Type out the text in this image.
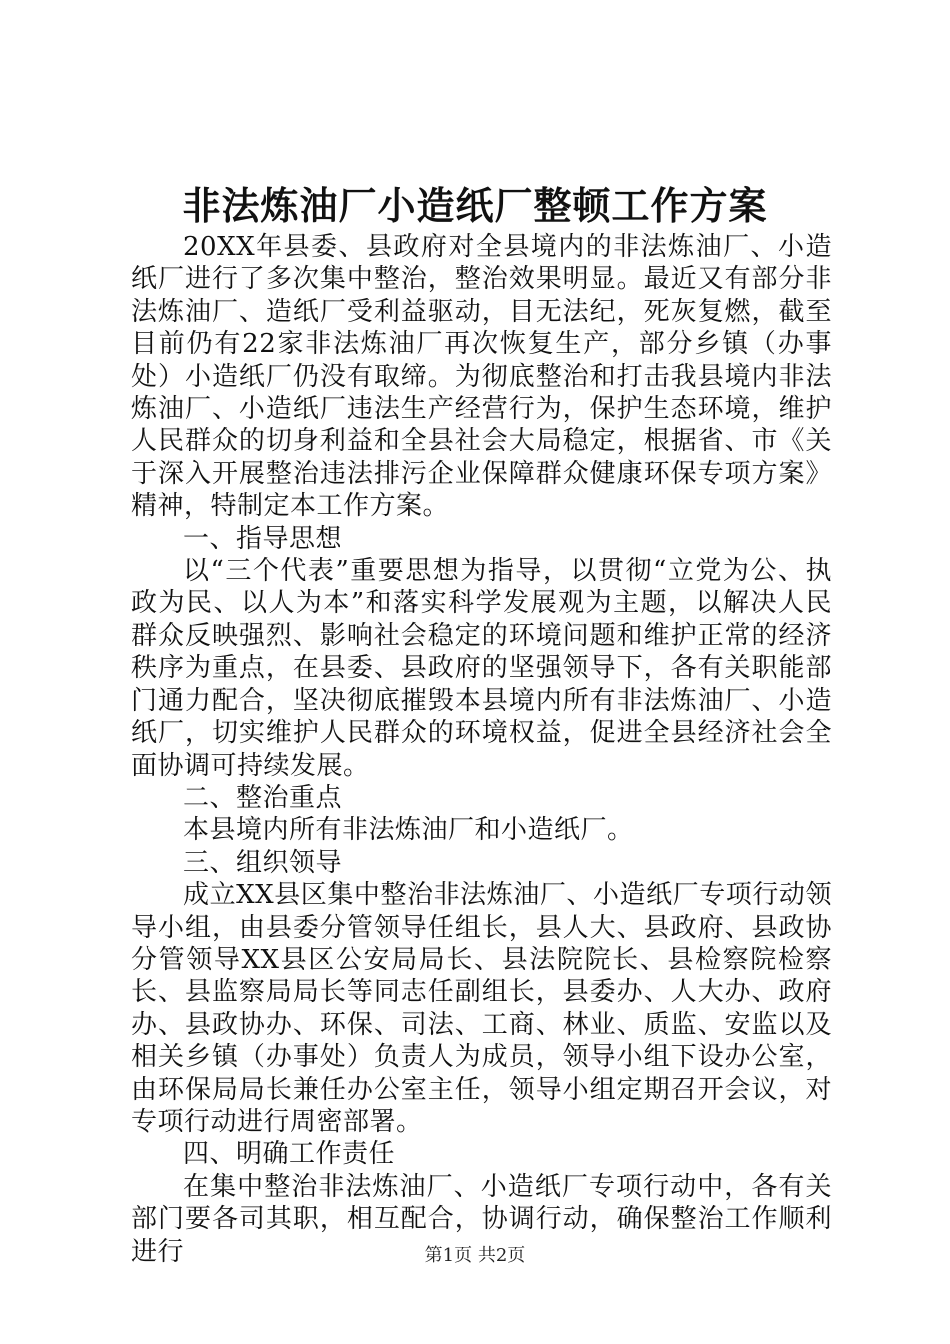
非法炼油厂小造纸厂整顿工作方案

20XX年县委、县政府对全县境内的非法炼油厂、小造纸厂进行了多次集中整治，整治效果明显。最近又有部分非法炼油厂、造纸厂受利益驱动，目无法纪，死灰复燃，截至目前仍有22家非法炼油厂再次恢复生产，部分乡镇（办事处）小造纸厂仍没有取缔。为彻底整治和打击我县境内非法炼油厂、小造纸厂违法生产经营行为，保护生态环境，维护人民群众的切身利益和全县社会大局稳定，根据省、市《关于深入开展整治违法排污企业保障群众健康环保专项方案》精神，特制定本工作方案。

一、指导思想

以“三个代表”重要思想为指导，以贯彻“立党为公、执政为民、以人为本”和落实科学发展观为主题，以解决人民群众反映强烈、影响社会稳定的环境问题和维护正常的经济秩序为重点，在县委、县政府的坚强领导下，各有关职能部门通力配合，坚决彻底摧毁本县境内所有非法炼油厂、小造纸厂，切实维护人民群众的环境权益，促进全县经济社会全面协调可持续发展。

二、整治重点

本县境内所有非法炼油厂和小造纸厂。

三、组织领导

成立XX县区集中整治非法炼油厂、小造纸厂专项行动领导小组，由县委分管领导任组长，县人大、县政府、县政协分管领导XX县区公安局局长、县法院院长、县检察院检察长、县监察局局长等同志任副组长，县委办、人大办、政府办、县政协办、环保、司法、工商、林业、质监、安监以及相关乡镇（办事处）负责人为成员，领导小组下设办公室，由环保局局长兼任办公室主任，领导小组定期召开会议，对专项行动进行周密部署。

四、明确工作责任

在集中整治非法炼油厂、小造纸厂专项行动中，各有关部门要各司其职，相互配合，协调行动，确保整治工作顺利进行	第1页 共2页
